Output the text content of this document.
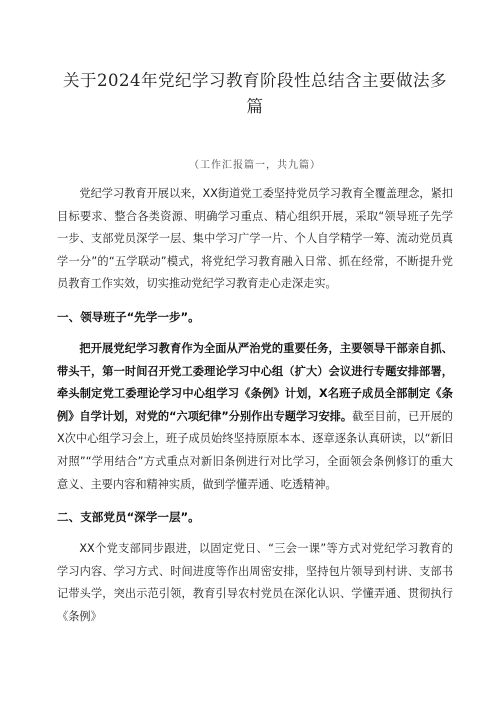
关于2024年党纪学习教育阶段性总结含主要做法多篇

（工作汇报篇一，共九篇）

党纪学习教育开展以来，XX街道党工委坚持党员学习教育全覆盖理念，紧扣目标要求、整合各类资源、明确学习重点、精心组织开展，采取“领导班子先学一步、支部党员深学一层、集中学习广学一片、个人自学精学一筹、流动党员真学一分”的“五学联动”模式，将党纪学习教育融入日常、抓在经常，不断提升党员教育工作实效，切实推动党纪学习教育走心走深走实。

一、领导班子“先学一步”。

把开展党纪学习教育作为全面从严治党的重要任务，主要领导干部亲自抓、带头干，第一时间召开党工委理论学习中心组（扩大）会议进行专题安排部署，牵头制定党工委理论学习中心组学习《条例》计划，X名班子成员全部制定《条例》自学计划，对党的“六项纪律”分别作出专题学习安排。截至目前，已开展的X次中心组学习会上，班子成员始终坚持原原本本、逐章逐条认真研读，以“新旧对照”“学用结合”方式重点对新旧条例进行对比学习，全面领会条例修订的重大意义、主要内容和精神实质，做到学懂弄通、吃透精神。

二、支部党员“深学一层”。

XX个党支部同步跟进，以固定党日、“三会一课”等方式对党纪学习教育的学习内容、学习方式、时间进度等作出周密安排，坚持包片领导到村讲、支部书记带头学，突出示范引领，教育引导农村党员在深化认识、学懂弄通、贯彻执行《条例》
